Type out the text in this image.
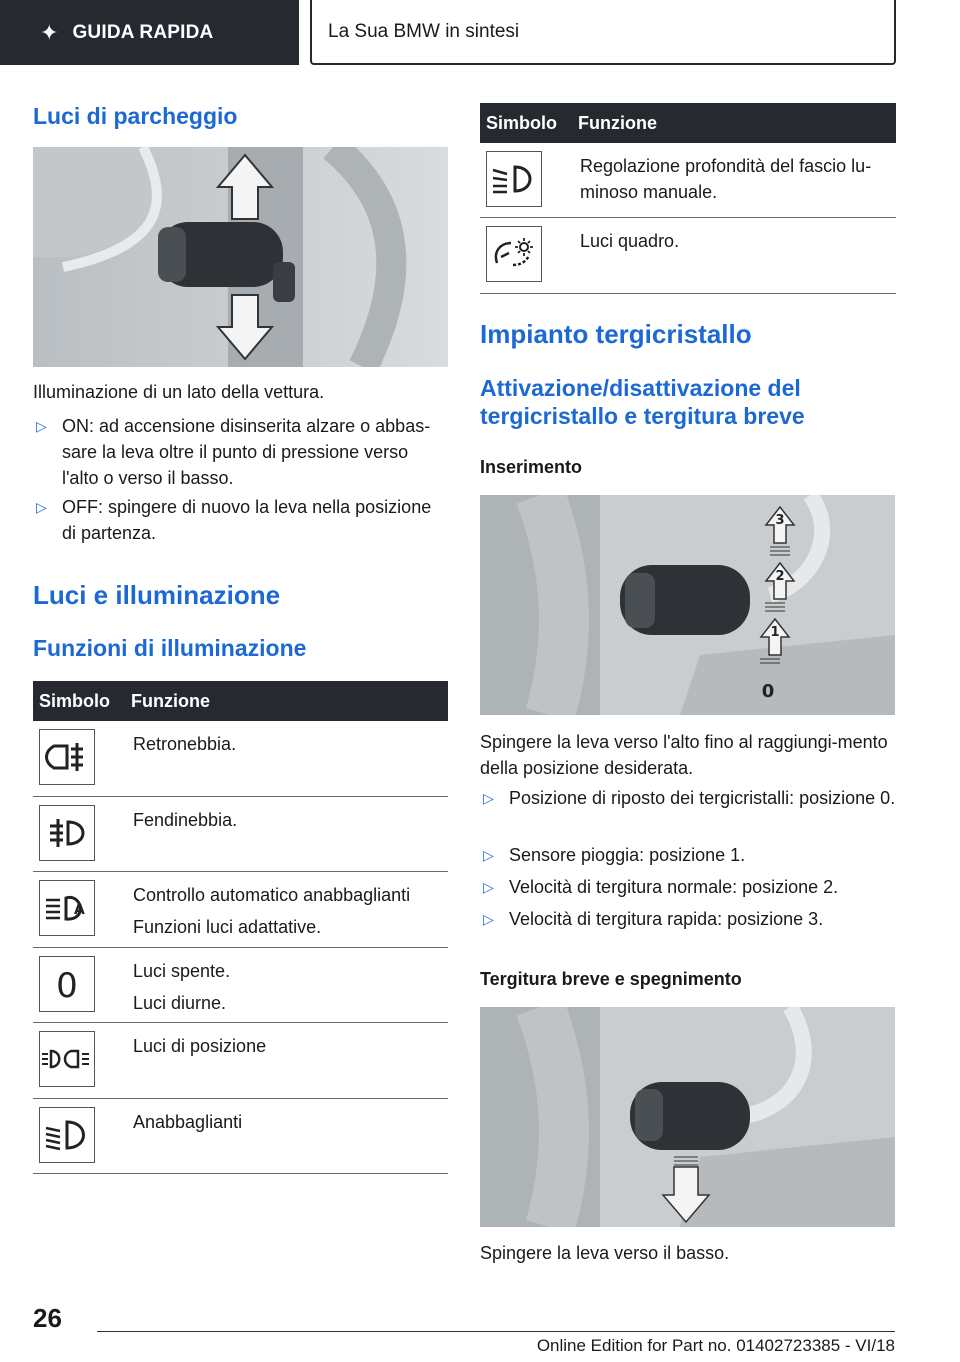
✦ GUIDA RAPIDA	La Sua BMW in sintesi
Luci di parcheggio
Illuminazione di un lato della vettura.
▷ ON: ad accensione disinserita alzare o abbas-sare la leva oltre il punto di pressione verso l'alto o verso il basso.
▷ OFF: spingere di nuovo la leva nella posizione di partenza.
Luci e illuminazione
Funzioni di illuminazione
Simbolo Funzione
Retronebbia.
Fendinebbia.
A
Controllo automatico anabbaglianti
Funzioni luci adattative.
0	Luci spente.
Luci diurne.
Luci di posizione
Anabbaglianti
Simbolo Funzione
Regolazione profondità del fascio lu-minoso manuale.
Luci quadro.
Impianto tergicristallo
Attivazione/disattivazione del tergicristallo e tergitura breve
Inserimento
3
2
1
0
Spingere la leva verso l'alto fino al raggiungi-mento della posizione desiderata.
▷ Posizione di riposto dei tergicristalli: posizione 0.
▷ Sensore pioggia: posizione 1.
▷ Velocità di tergitura normale: posizione 2.
▷ Velocità di tergitura rapida: posizione 3.
Tergitura breve e spegnimento
Spingere la leva verso il basso.
26
Online Edition for Part no. 01402723385 - VI/18
